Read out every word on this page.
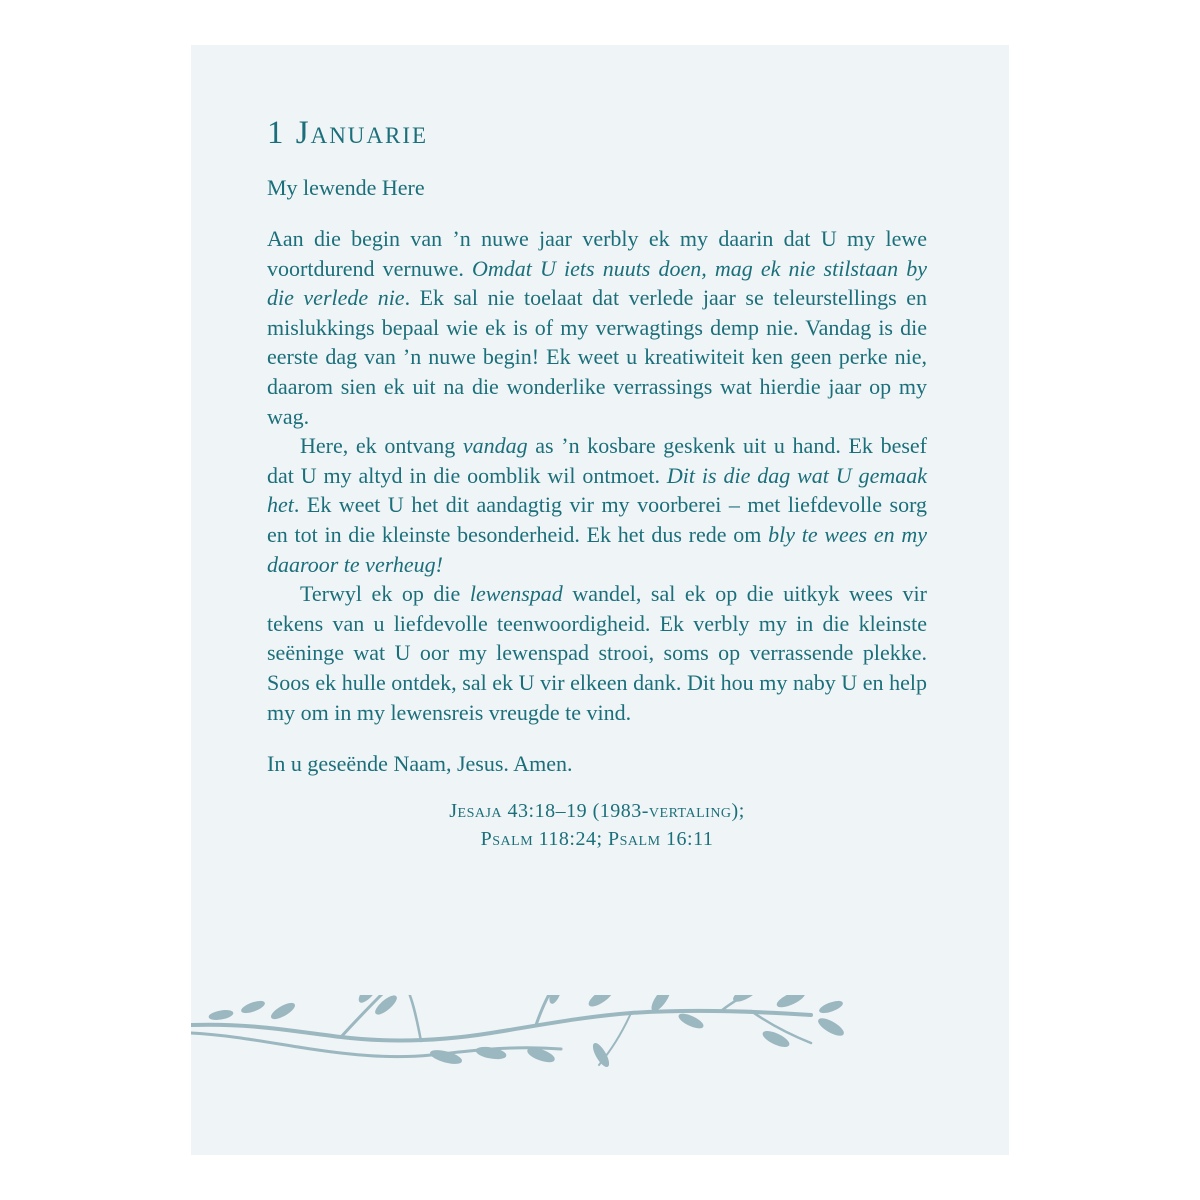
1 Januarie

My lewende Here

Aan die begin van ’n nuwe jaar verbly ek my daarin dat U my lewe voortdurend vernuwe. Omdat U iets nuuts doen, mag ek nie stilstaan by die verlede nie. Ek sal nie toelaat dat verlede jaar se teleurstellings en mislukkings bepaal wie ek is of my verwagtings demp nie. Vandag is die eerste dag van ’n nuwe begin! Ek weet u kreatiwiteit ken geen perke nie, daarom sien ek uit na die wonderlike verrassings wat hierdie jaar op my wag.

Here, ek ontvang vandag as ’n kosbare geskenk uit u hand. Ek besef dat U my altyd in die oomblik wil ontmoet. Dit is die dag wat U gemaak het. Ek weet U het dit aandagtig vir my voorberei – met liefdevolle sorg en tot in die kleinste besonderheid. Ek het dus rede om bly te wees en my daaroor te verheug!

Terwyl ek op die lewenspad wandel, sal ek op die uitkyk wees vir tekens van u liefdevolle teenwoordigheid. Ek verbly my in die kleinste seëninge wat U oor my lewenspad strooi, soms op verrassende plekke. Soos ek hulle ontdek, sal ek U vir elkeen dank. Dit hou my naby U en help my om in my lewensreis vreugde te vind.

In u geseënde Naam, Jesus. Amen.

Jesaja 43:18–19 (1983-vertaling);
Psalm 118:24; Psalm 16:11
